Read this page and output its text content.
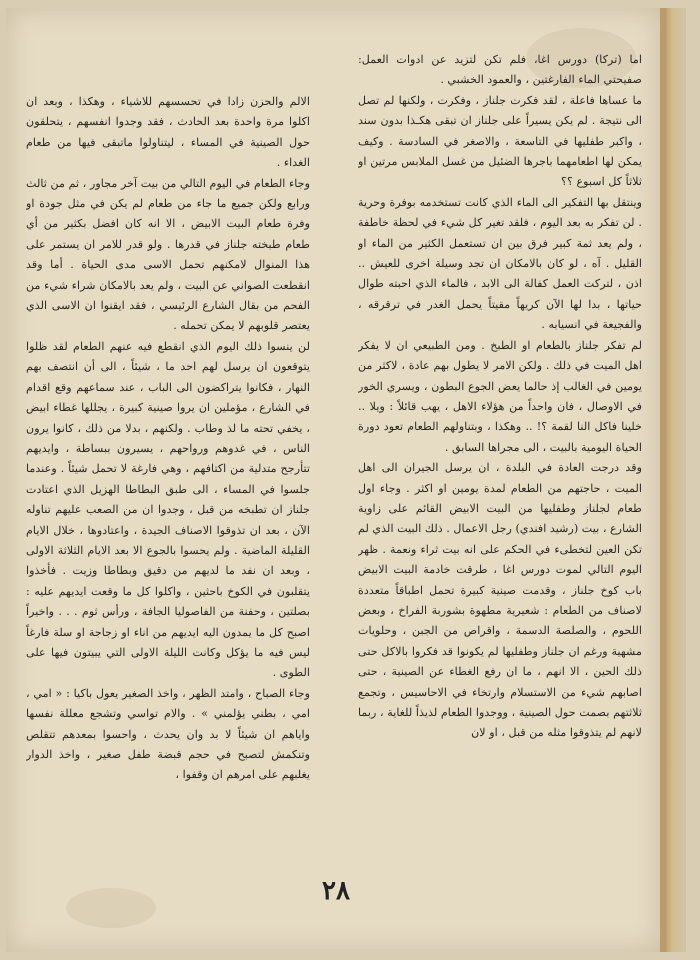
اما (تركا) دورس اغا، فلم تكن لتزيد عن ادوات العمل: صفيحتي الماء الفارغتين ، والعمود الخشبي .

ما عساها فاعلة ، لقد فكرت جلناز ، وفكرت ، ولكنها لم تصل الى نتيجة . لم يكن يسيراً على جلناز ان تبقى هكـذا بدون سند ، واكبر طفليها في التاسعة ، والاصغر في السادسة . وكيف يمكن لها اطعامهما باجرها الضئيل من غسل الملابس مرتين او ثلاثاً كل اسبوع ؟؟

وينتقل بها التفكير الى الماء الذي كانت تستخدمه بوفرة وحرية . لن تفكر به بعد اليوم ، فلقد تغير كل شيء في لحظة خاطفة ، ولم يعد ثمة كبير فرق بين ان تستعمل الكثير من الماء او القليل . آه ، لو كان بالامكان ان تجد وسيلة اخرى للعيش .. اذن ، لتركت العمل كفالة الى الابد ، فالماء الذي احبته طوال حياتها ، بدا لها الآن كريهاً مقيتاً يحمل الغدر في ترقرقه ، والفجيعة في انسيابه .

لم تفكر جلناز بالطعام او الطبخ . ومن الطبيعي ان لا يفكر اهل الميت في ذلك . ولكن الامر لا يطول بهم عادة ، لاكثر من يومين في الغالب إذ حالما يعض الجوع البطون ، ويسري الخور في الاوصال ، فان واحداً من هؤلاء الاهل ، يهب قائلاً : ويلا .. خلينا فاكل النا لقمة ؟! .. وهكذا ، وبتناولهم الطعام تعود دورة الحياة اليومية بالبيت ، الى مجراها السابق .

وقد درجت العادة في البلدة ، ان يرسل الجيران الى اهل الميت ، حاجتهم من الطعام لمدة يومين او اكثر . وجاء اول طعام لجلناز وطفليها من البيت الابيض القائم على زاوية الشارع ، بيت (رشيد افندي) رجل الاعمال . ذلك البيت الذي لم تكن العين لتخطىء في الحكم على انه بيت ثراء ونعمة . ظهر اليوم التالي لموت دورس اغا ، طرقت خادمة البيت الابيض باب كوخ جلناز ، وقدمت صينية كبيرة تحمل اطباقاً متعددة لاصناف من الطعام : شعيرية مطهوة بشوربة الفراخ ، وبعض اللحوم ، والصلصة الدسمة ، واقراص من الجبن ، وحلويات مشهية ورغم ان جلناز وطفليها لم يكونوا قد فكروا بالاكل حتى ذلك الحين ، الا انهم ، ما ان رفع الغطاء عن الصينية ، حتى اصابهم شيء من الاستسلام وارتخاء في الاحاسيس ، وتجمع ثلاثتهم بصمت حول الصينية ، ووجدوا الطعام لذيذاً للغاية ، ربما لانهم لم يتذوقوا مثله من قبل ، او لان

الالم والحزن زادا في تحسسهم للاشياء ، وهكذا ، وبعد ان اكلوا مرة واحدة بعد الحادث ، فقد وجدوا انفسهم ، يتحلقون حول الصينية في المساء ، ليتناولوا ماتبقى فيها من طعام الغداء .

وجاء الطعام في اليوم التالي من بيت آخر مجاور ، ثم من ثالث ورابع ولكن جميع ما جاء من طعام لم يكن في مثل جودة او وفرة طعام البيت الابيض ، الا انه كان افضل بكثير من أي طعام طبخته جلناز في قدرها . ولو قدر للامر ان يستمر على هذا المنوال لامكنهم تحمل الاسى مدى الحياة . أما وقد انقطعت الصواني عن البيت ، ولم يعد بالامكان شراء شيء من الفحم من بقال الشارع الرئيسي ، فقد ايقنوا ان الاسى الذي يعتصر قلوبهم لا يمكن تحمله .

لن ينسوا ذلك اليوم الذي انقطع فيه عنهم الطعام لقد ظلوا يتوقعون ان يرسل لهم احد ما ، شيئاً ، الى أن انتصف بهم النهار ، فكانوا يتراكضون الى الباب ، عند سماعهم وقع اقدام في الشارع ، مؤملين ان يروا صينية كبيرة ، يجللها غطاء ابيض ، يخفي تحته ما لذ وطاب . ولكنهم ، بدلا من ذلك ، كانوا يرون الناس ، في غدوهم ورواحهم ، يسيرون ببساطة ، وايديهم تتأرجح متدلية من اكتافهم ، وهي فارغة لا تحمل شيئاً . وعندما جلسوا في المساء ، الى طبق البطاطا الهزيل الذي اعتادت جلناز ان تطبخه من قبل ، وجدوا ان من الصعب عليهم تناوله الآن ، بعد ان تذوقوا الاصناف الجيدة ، واعتادوها ، خلال الايام القليلة الماضية . ولم يحسوا بالجوع الا بعد الايام الثلاثة الاولى ، وبعد ان نفد ما لديهم من دقيق وبطاطا وزيت . فأخذوا يتقلبون في الكوخ باحثين ، واكلوا كل ما وقعت ايديهم عليه : بصلتين ، وحفنة من الفاصوليا الجافة ، ورأس ثوم . . . واخيراً اصبح كل ما يمدون اليه ايديهم من اناء او زجاجة او سلة فارغاً ليس فيه ما يؤكل وكانت الليلة الاولى التي يبيتون فيها على الطوى .

وجاء الصباح ، وامتد الظهر ، واخذ الصغير يعول باكيا : « امي ، امي ، بطني يؤلمني » . والام تواسي وتشجع معللة نفسها واياهم ان شيئاً لا بد وان يحدث ، واحسوا بمعدهم تتقلص وتنكمش لتصبح في حجم قبضة طفل صغير ، واخذ الدوار يغلبهم على امرهم ان وقفوا ،

٢٨
